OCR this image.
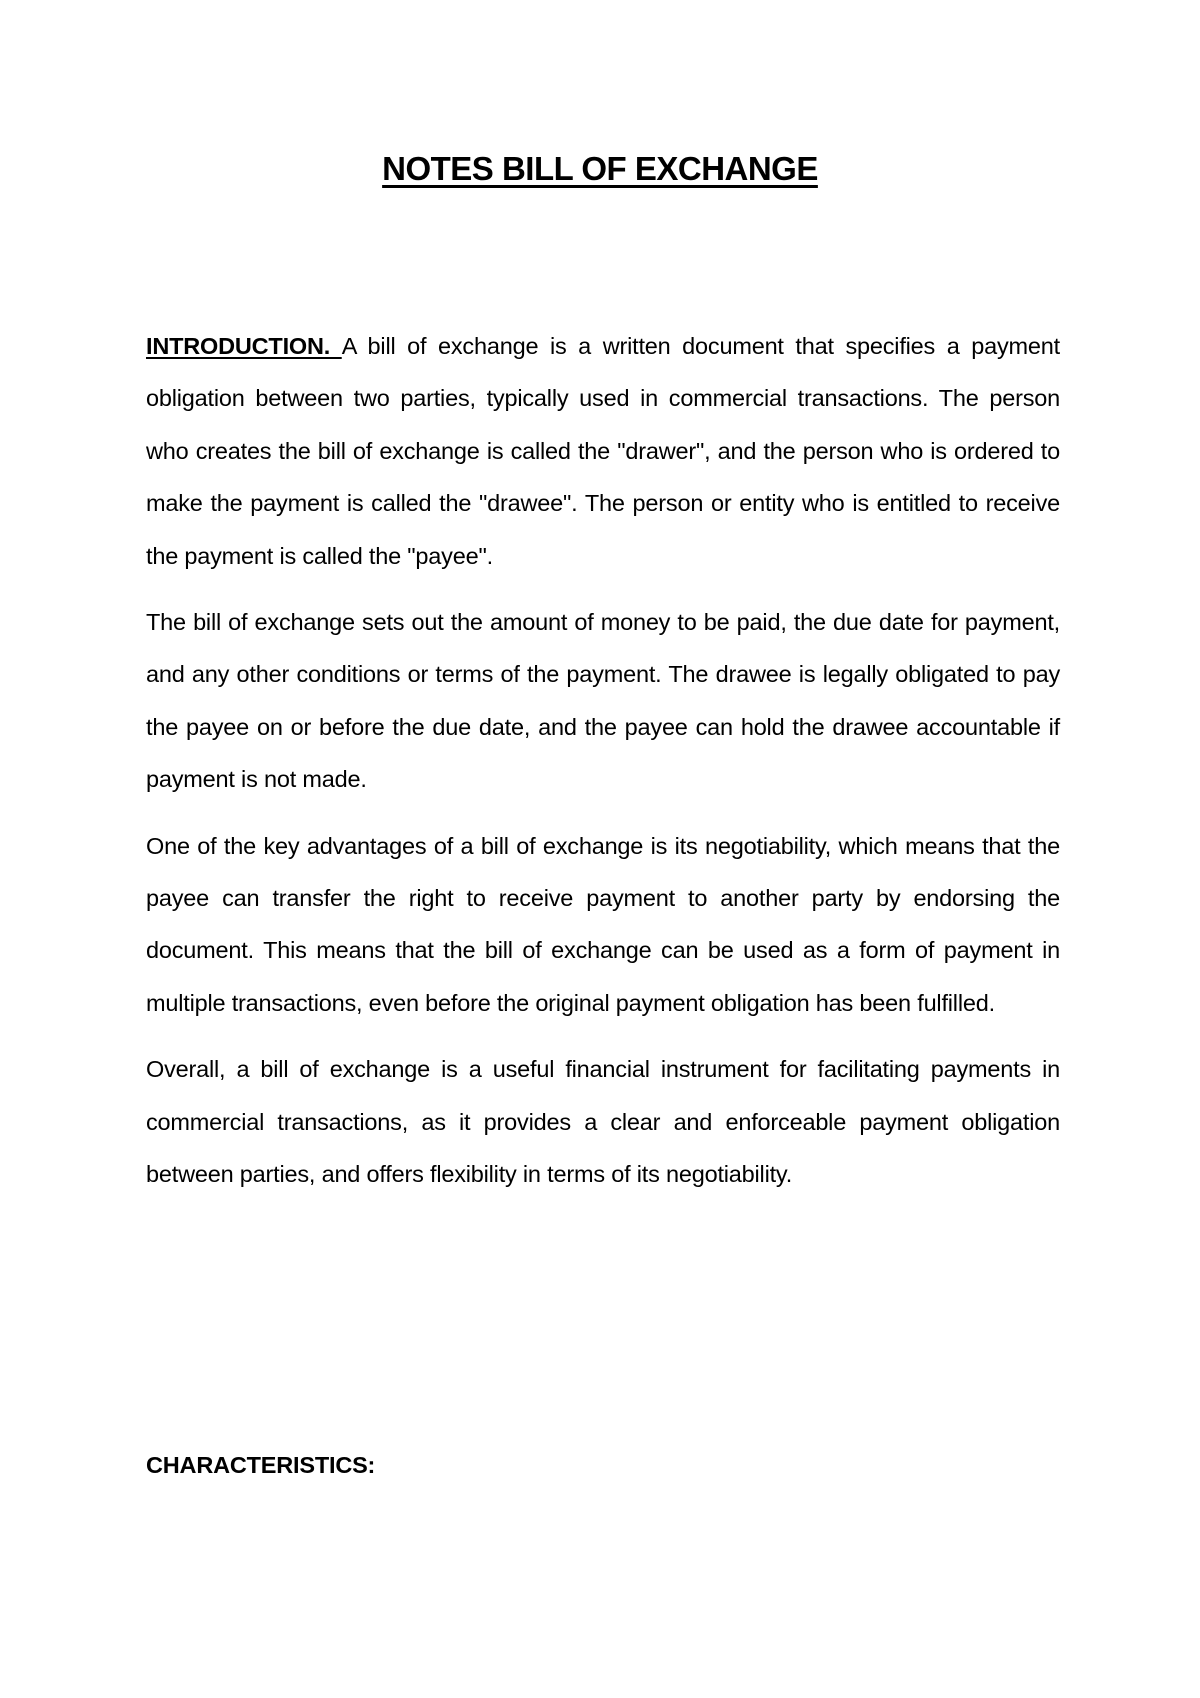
NOTES BILL OF EXCHANGE

INTRODUCTION. A bill of exchange is a written document that specifies a payment obligation between two parties, typically used in commercial transactions. The person who creates the bill of exchange is called the "drawer", and the person who is ordered to make the payment is called the "drawee". The person or entity who is entitled to receive the payment is called the "payee".

The bill of exchange sets out the amount of money to be paid, the due date for payment, and any other conditions or terms of the payment. The drawee is legally obligated to pay the payee on or before the due date, and the payee can hold the drawee accountable if payment is not made.

One of the key advantages of a bill of exchange is its negotiability, which means that the payee can transfer the right to receive payment to another party by endorsing the document. This means that the bill of exchange can be used as a form of payment in multiple transactions, even before the original payment obligation has been fulfilled.

Overall, a bill of exchange is a useful financial instrument for facilitating payments in commercial transactions, as it provides a clear and enforceable payment obligation between parties, and offers flexibility in terms of its negotiability.

CHARACTERISTICS:
